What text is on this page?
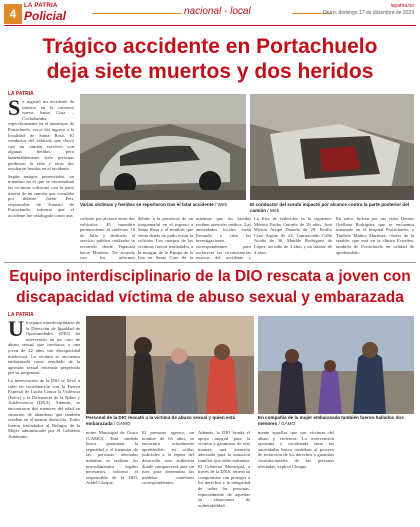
4
LA PATRIA
Policial	nacional - local	lapatria.bo
Oruro, domingo 17 de diciembre de 2023
Trágico accidente en Portachuelo
deja siete muertos y dos heridos
LA PATRIA
S e registró un accidente de tránsito en la carretera nueva Santa Cruz – Cochabamba, específicamente en el municipio de Portachuelo, cerca del ingreso a la localidad de Santa Rosa. El conductor del vehículo que chocó con un camión revolvió con algunas heridas, pero lamentablemente siete personas perdieron la vida y otras dos resultaron heridas en el incidente.
Según testigos presenciales, un miembro en el que se encontraban las víctimas colisionó con la parte trasera de un camión que circulaba por delante. Javier Peri, responsable de Tránsito de Portachuelo, informó que el accidente fue catalogado como una
Varias víctimas y heridos se reportaron tras el fatal accidente / Web	El conductor del surubí impactó por alcance contra la parte posterior del camión / Web
colisión por alcance entre dos vehículos. El miembro perteneciente al sindicato 16 de Julio y dedicado al servicio público realizaba su recorrido desde Yapacaní hacia Montero. De acuerdo con los informes
debido a la presencia de un torquemaful en el ingreso a Santa Rosa y el minibús que venía detrás no pudo evitar la colisión. Los cuerpos de las víctimas fueron trasladados a la morgue de la Pampa de la Isla en Santa Cruz de la
mientras que los heridos reciben atención médica. Las autoridades locales están llevando a cabo las investigaciones correspondientes para esclarecer las circunstancias exactas del accidente y
La lista de fallecidos es la siguiente: Mónica Pacha Caiceño de 29 años, José Wilson Arispe Donado de 29, Emilio Cruz Argote de 24, Gumercindo Calle Acuña de 36, Matilde Rodríguez de López, un niño de 4 años y un infante de 4 años.
En tanto, luchan por sus vidas Dennis Orellana Rodríguez que se encuentra internado en el hospital Portachuelo, y Timbrio Muñoz Martínez, chofer de la serable, que está en la clínica Ecoeden, también de Portachuelo en calidad de aprehendido.
Equipo interdisciplinario de la DIO rescata a joven con
discapacidad víctima de abuso sexual y embarazada
LA PATRIA
U n equipo interdisciplinario de la Dirección de Igualdad de Oportunidades (DIO) ha intervenido en un caso de abuso sexual que involucra a una joven de 22 años con discapacidad intelectual. La víctima se encuentra embarazada como resultado de la agresión sexual reiterada perpetrada por su progenitor.
La intervención de la DIO se llevó a cabo en coordinación con la Fuerza Especial de Lucha Contra la Violencia (Felcv) y la Defensoría de la Niñez y Adolescencia (DNA). Además, se encontraron dos menores del edad en situación de abandono que también residían en el mismo domicilio. Todos fueron trasladados al Refugio de la Mujer administrado por el Gobierno Autónomo
Personal de la DIO rescató a la víctima de abuso sexual y quien está embarazada / GAMO
En compañía de la mujer embarazada también fueron hallados dos menores / GAMO
nomo Municipal de Oruro (GAMO). Esta medida busca garantizar la seguridad y el bienestar de las personas afectadas mientras se realizan los procedimientos legales necesarios, informó el responsable de la DIO, Addel Choque.
El presunto agresor, un hombre de 65 años, se encuentra actualmente aprehendido en celdas judiciales a la espera del desarrollo una audiencia donde comparecerá ante un juez para determinar las medidas cautelares correspondientes.
Además, la DIO brinda el apoyo integral para la víctima y garantizar de esta manera una atención adecuada para la situación familiar que debe enfrentar. El Gobierno Municipal, a través de la DNA, reiteró su compromiso con proteger a los derechos y la integridad de todas las personas, especialmente de aquellas en situaciones de vulnerabilidad.
mente aquellas que son víctimas del abuso y violencia. La intervención oportuna y coordinada entre las autoridades busca contribuir al proceso de reducción de los derechos y garantías constitucionales de las personas afectadas, explicó Choque.
